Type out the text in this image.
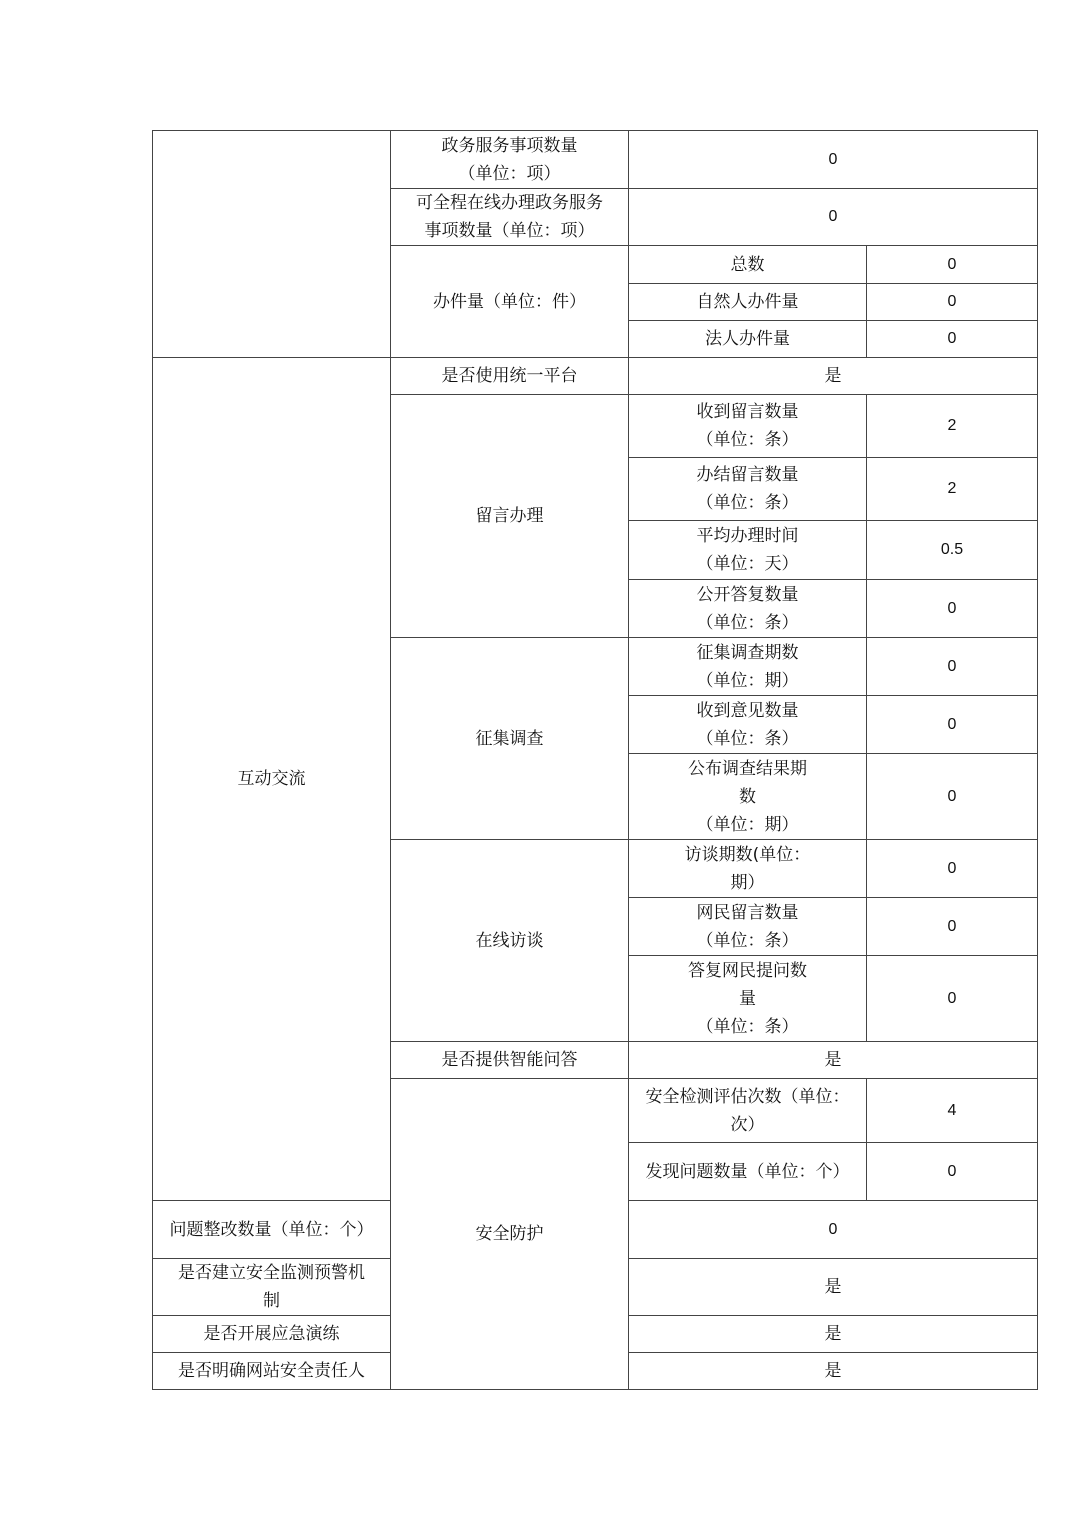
	政务服务事项数量
（单位：项）	0	
	可全程在线办理政务服务
事项数量（单位：项）	0	
	办件量（单位：件）	总数	0
		自然人办件量	0
		法人办件量	0
互动交流	是否使用统一平台	是	
	留言办理	收到留言数量
（单位：条）	2
		办结留言数量
（单位：条）	2
		平均办理时间
（单位：天）	0.5
		公开答复数量
（单位：条）	0
	征集调查	征集调查期数
（单位：期）	0
		收到意见数量
（单位：条）	0
		公布调查结果期
数
（单位：期）	0
	在线访谈	访谈期数(单位：
期）	0
		网民留言数量
（单位：条）	0
		答复网民提问数
量
（单位：条）	0
	是否提供智能问答	是	
	安全防护	安全检测评估次数（单位：
次）	4
		发现问题数量（单位：个）	0
问题整改数量（单位：个）		0	
是否建立安全监测预警机
制		是	
是否开展应急演练		是	
是否明确网站安全责任人		是	
